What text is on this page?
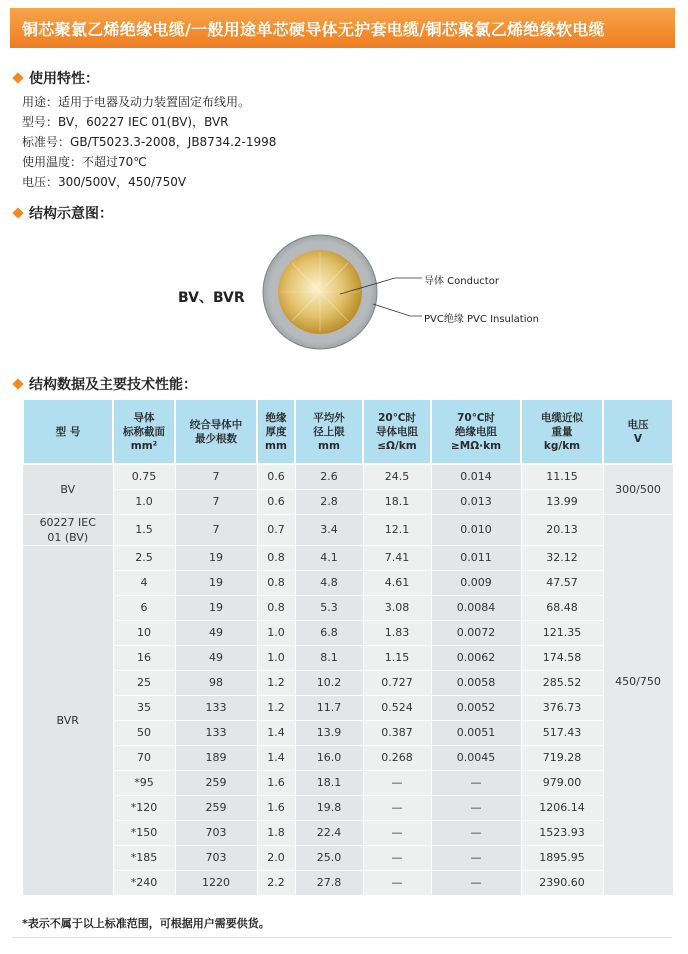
铜芯聚氯乙烯绝缘电缆/一般用途单芯硬导体无护套电缆/铜芯聚氯乙烯绝缘软电缆
使用特性：
用途：适用于电器及动力装置固定布线用。
型号：BV，60227 IEC 01(BV)，BVR
标准号：GB/T5023.3-2008，JB8734.2-1998
使用温度：不超过70℃
电压：300/500V，450/750V
结构示意图：
BV、BVR
导体 Conductor
PVC绝缘 PVC Insulation
结构数据及主要技术性能：
型 号	导体
标称截面
mm²	绞合导体中
最少根数	绝缘
厚度
mm	平均外
径上限
mm	20℃时
导体电阻
≤Ω/km	70℃时
绝缘电阻
≥MΩ·km	电缆近似
重量
kg/km	电压
V
BV	0.75	7	0.6	2.6	24.5	0.014	11.15	300/500
	1.0	7	0.6	2.8	18.1	0.013	13.99	
60227 IEC
01 (BV)	1.5	7	0.7	3.4	12.1	0.010	20.13	450/750
BVR	2.5	19	0.8	4.1	7.41	0.011	32.12	
	4	19	0.8	4.8	4.61	0.009	47.57	
	6	19	0.8	5.3	3.08	0.0084	68.48	
	10	49	1.0	6.8	1.83	0.0072	121.35	
	16	49	1.0	8.1	1.15	0.0062	174.58	
	25	98	1.2	10.2	0.727	0.0058	285.52	
	35	133	1.2	11.7	0.524	0.0052	376.73	
	50	133	1.4	13.9	0.387	0.0051	517.43	
	70	189	1.4	16.0	0.268	0.0045	719.28	
	*95	259	1.6	18.1	—	—	979.00	
	*120	259	1.6	19.8	—	—	1206.14	
	*150	703	1.8	22.4	—	—	1523.93	
	*185	703	2.0	25.0	—	—	1895.95	
	*240	1220	2.2	27.8	—	—	2390.60	
*表示不属于以上标准范围，可根据用户需要供货。
